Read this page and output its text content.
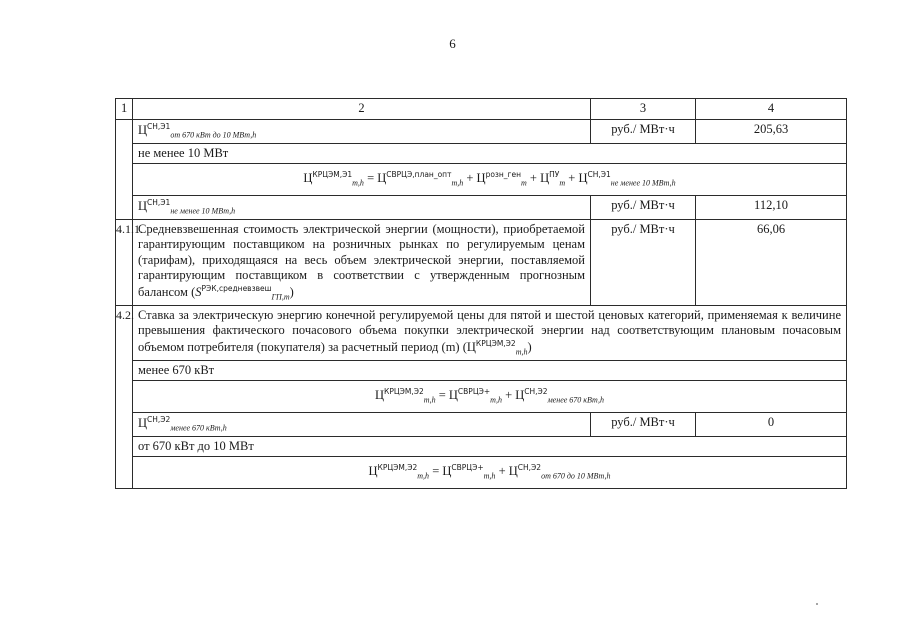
6
1	2	3	4
	$Ц^{СН,Э1}_{от 670 кВт до 10 МВт,h}$	руб./ МВт·ч	205,63
	не менее 10 МВт		
	$Ц^{КРЦЭМ,Э1}_{m,h} = Ц^{СВРЦЭ,план\_опт}_{m,h} + Ц^{розн\_ген}_m + Ц^{ПУ}_m + Ц^{СН,Э1}_{не менее 10 МВт,h}$
	$Ц^{СН,Э1}_{не менее 10 МВт,h}$	руб./ МВт·ч	112,10
4.1.1.	Средневзвешенная стоимость электрической энергии (мощности), приобретаемой гарантирующим поставщиком на розничных рынках по регулируемым ценам (тарифам), приходящаяся на весь объем электрической энергии, поставляемой гарантирующим поставщиком в соответствии с утвержденным прогнозным балансом $(S^{РЭК,средневзвеш}_{ГП,m})$	руб./ МВт·ч	66,06
4.2.	Ставка за электрическую энергию конечной регулируемой цены для пятой и шестой ценовых категорий, применяемая к величине превышения фактического почасового объема покупки электрической энергии над соответствующим плановым почасовым объемом потребителя (покупателя) за расчетный период (m) $(Ц^{КРЦЭМ,Э2}_{m,h})$		
	менее 670 кВт		
	$Ц^{КРЦЭМ,Э2}_{m,h} = Ц^{СВРЦЭ+}_{m,h} + Ц^{СН,Э2}_{менее 670 кВт,h}$
	$Ц^{СН,Э2}_{менее 670 кВт,h}$	руб./ МВт·ч	0
	от 670 кВт до 10 МВт		
	$Ц^{КРЦЭМ,Э2}_{m,h} = Ц^{СВРЦЭ+}_{m,h} + Ц^{СН,Э2}_{от 670 до 10 МВт,h}$
